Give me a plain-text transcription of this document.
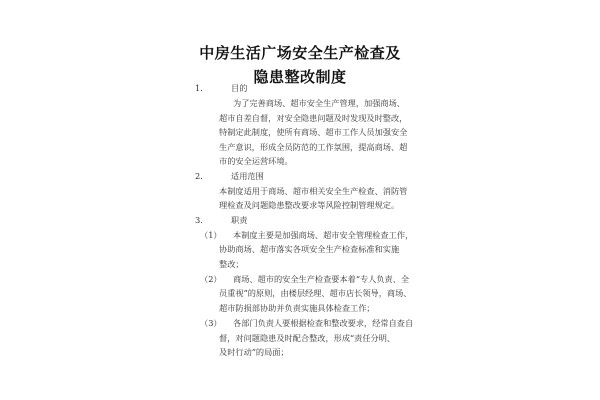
中房生活广场安全生产检查及
隐患整改制度
1.	目的
为了完善商场、超市安全生产管理，加强商场、
超市自差自督，对安全隐患问题及时发现及时整改，
特制定此制度，使所有商场、超市工作人员加强安全
生产意识，形成全员防范的工作氛围，提高商场、超
市的安全运营环境。
2.	适用范围
本制度适用于商场、超市相关安全生产检查、消防管
理检查及问题隐患整改要求等风险控制管理规定。
3.	职责
（1） 本制度主要是加强商场、超市安全管理检查工作，
协助商场、超市落实各项安全生产检查标准和实施
整改；
（2） 商场、超市的安全生产检查要本着“专人负责、全
员重视”的原则，由楼层经理、超市店长领导，商场、
超市防损部协助并负责实施具体检查工作；
（3） 各部门负责人要根据检查和整改要求，经常自查自
督，对问题隐患及时配合整改，形成“责任分明、
及时行动”的局面；
